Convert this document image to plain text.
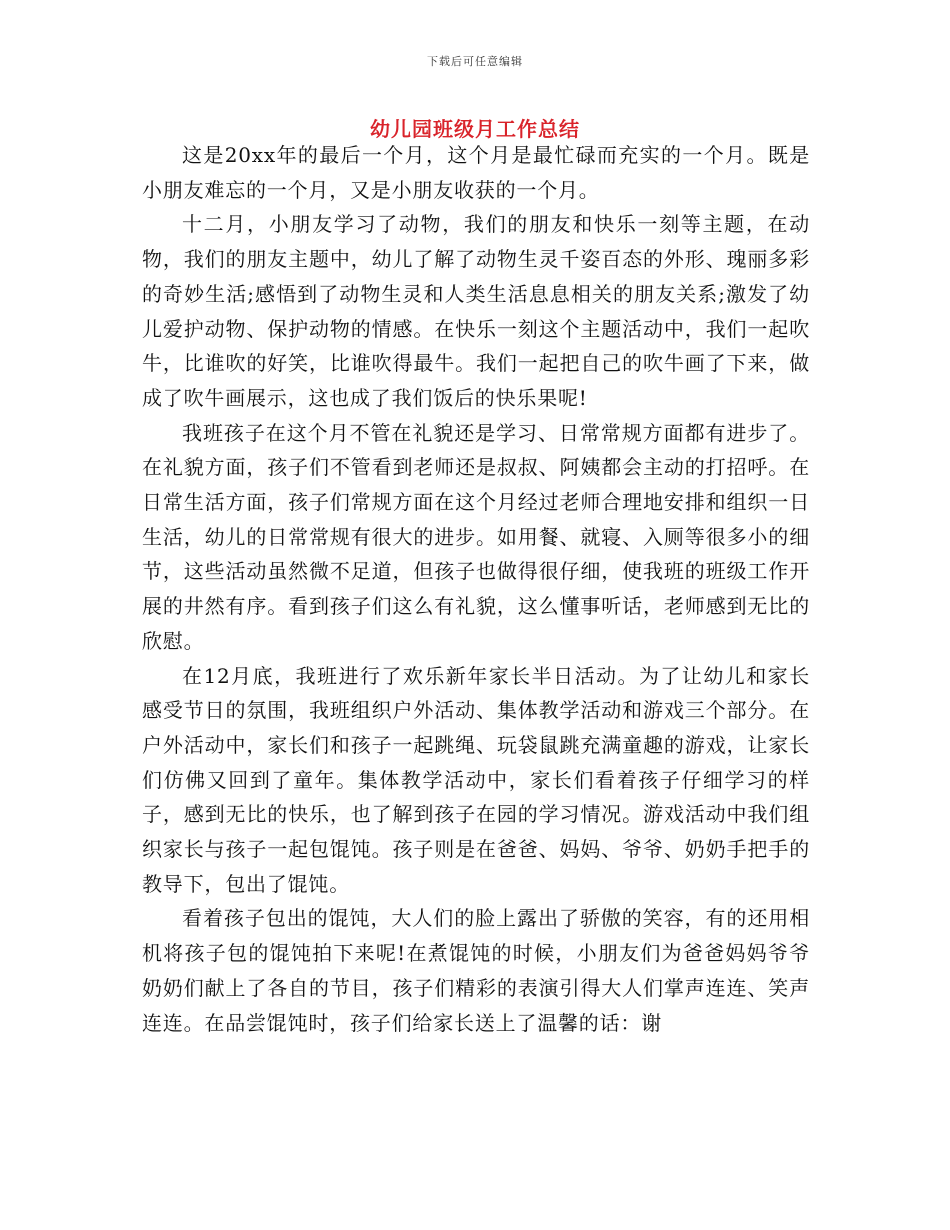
下载后可任意编辑
幼儿园班级月工作总结

这是20xx年的最后一个月，这个月是最忙碌而充实的一个月。既是小朋友难忘的一个月，又是小朋友收获的一个月。

十二月，小朋友学习了动物，我们的朋友和快乐一刻等主题，在动物，我们的朋友主题中，幼儿了解了动物生灵千姿百态的外形、瑰丽多彩的奇妙生活;感悟到了动物生灵和人类生活息息相关的朋友关系;激发了幼儿爱护动物、保护动物的情感。在快乐一刻这个主题活动中，我们一起吹牛，比谁吹的好笑，比谁吹得最牛。我们一起把自己的吹牛画了下来，做成了吹牛画展示，这也成了我们饭后的快乐果呢!

我班孩子在这个月不管在礼貌还是学习、日常常规方面都有进步了。在礼貌方面，孩子们不管看到老师还是叔叔、阿姨都会主动的打招呼。在日常生活方面，孩子们常规方面在这个月经过老师合理地安排和组织一日生活，幼儿的日常常规有很大的进步。如用餐、就寝、入厕等很多小的细节，这些活动虽然微不足道，但孩子也做得很仔细，使我班的班级工作开展的井然有序。看到孩子们这么有礼貌，这么懂事听话，老师感到无比的欣慰。

在12月底，我班进行了欢乐新年家长半日活动。为了让幼儿和家长感受节日的氛围，我班组织户外活动、集体教学活动和游戏三个部分。在户外活动中，家长们和孩子一起跳绳、玩袋鼠跳充满童趣的游戏，让家长们仿佛又回到了童年。集体教学活动中，家长们看着孩子仔细学习的样子，感到无比的快乐，也了解到孩子在园的学习情况。游戏活动中我们组织家长与孩子一起包馄饨。孩子则是在爸爸、妈妈、爷爷、奶奶手把手的教导下，包出了馄饨。

看着孩子包出的馄饨，大人们的脸上露出了骄傲的笑容，有的还用相机将孩子包的馄饨拍下来呢!在煮馄饨的时候，小朋友们为爸爸妈妈爷爷奶奶们献上了各自的节目，孩子们精彩的表演引得大人们掌声连连、笑声连连。在品尝馄饨时，孩子们给家长送上了温馨的话：谢
